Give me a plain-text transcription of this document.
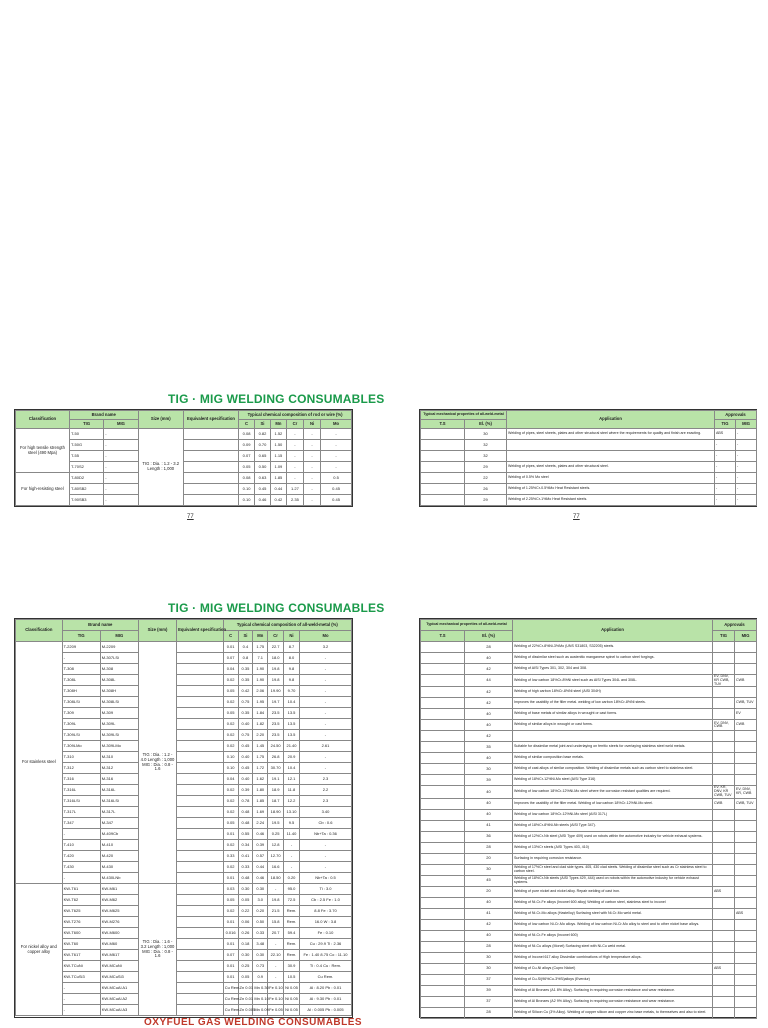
TIG · MIG WELDING CONSUMABLES
Classification	Brand name		Size (mm)	Equivalent specification	Typical chemical composition of rod or wire (%)					
	TIG	MIG			C	Si	Mn	Cr	Ni	Mo
For high tensile strength steel (490 Mpa)	T-50	-	TIG : Dia. : 1.2 - 3.2 Length : 1,000		0.08	0.82	1.52	-	-	-
	T-50G	-			0.09	0.70	1.50	-	-	-
	T-55	-			0.07	0.65	1.15	-	-	-
	T-70S2	-			0.05	0.50	1.09	-	-	-
For high-resisting steel	T-80D2	-			0.08	0.63	1.85	-	-	0.5
	T-80SB2	-			0.10	0.45	0.44	1.27	-	0.45
	T-90SB3	-			0.10	0.46	0.42	2.35	-	0.45
Typical mechanical properties of all-weld-metal		Application	Approvals	
T.S	El. (%)		TIG	MIG
	30	Welding of pipes, steel sheets, plates and other structural steel where the requirements for quality and finish are exacting.	ABS	-
	32		-	-
	32		-	-
	29	Welding of pipes, steel sheets, plates and other structural steel.	-	-
	22	Welding of 0.5% Mo steel	-	-
	26	Welding of 1.25%Cr-0.5%Mo Heat Resistant steels.	-	-
	29	Welding of 2.25%Cr-1%Mo Heat Resistant steels.	-	-
77	77
TIG · MIG WELDING CONSUMABLES
Classification	Brand name		Size (mm)	Equivalent specification	Typical chemical composition of all-weld-metal (%)					
	TIG	MIG			C	Si	Mn	Cr	Ni	Mo
For stainless steel	T-2209	M-2209	TIG : Dia. : 1.2 - 4.0 Length : 1,000 MIG : Dia. : 0.8 - 1.6		0.01	0.4	1.75	22.7	8.7	3.2
	-	M-307LSi			0.07	0.8	7.1	18.0	8.0	-
	T-308	M-308			0.04	0.35	1.90	19.8	9.8	-
	T-308L	M-308L			0.02	0.35	1.90	19.8	9.8	-
	T-308H	M-308H			0.05	0.42	2.06	19.90	9.70	-
	T-308LSi	M-308LSi			0.02	0.75	1.95	19.7	10.4	-
	T-309	M-309			0.05	0.35	1.84	23.5	13.5	-
	T-309L	M-309L			0.02	0.40	1.82	23.5	13.5	-
	T-309LSi	M-309LSi			0.02	0.75	2.20	23.5	13.5	-
	T-309LMo	M-309LMo			0.02	0.45	1.45	24.50	21.40	2.61
	T-310	M-310			0.10	0.40	1.75	26.8	20.9	-
	T-312	M-312			0.10	0.45	1.72	30.70	10.4	-
	T-316	M-316			0.04	0.40	1.62	19.1	12.1	2.3
	T-316L	M-316L			0.02	0.39	1.80	18.9	11.8	2.2
	T-316LSi	M-316LSi			0.02	0.78	1.85	18.7	12.2	2.3
	T-317L	M-317L			0.02	0.48	1.69	18.90	13.10	3.40
	T-347	M-347			0.05	0.48	2.24	19.5	9.5	Cb : 0.6
	-	M-409Cb			0.01	0.55	0.46	0.25	11.40	Nb+Ta : 0.36
	T-410	M-410			0.02	0.34	0.39	12.8	-	-
	T-420	M-420			0.33	0.41	0.57	12.70	-	-
	T-430	M-430			0.02	0.33	0.44	16.6	-	-
	-	M-430LNb			0.01	0.48	0.46	18.50	0.20	Nb+Ta : 0.5
For nickel alloy and copper alloy	KW-T61	KW-M61	TIG : Dia. : 1.6 - 3.2 Length : 1,000 MIG : Dia. : 0.8 - 1.6		0.03	0.30	0.30	-	95.0	Ti : 3.0
	KW-T62	KW-M62			0.05	0.05	3.0	19.8	72.5	Cb : 2.5 Fe : 1.0
	KW-T625	KW-M625			0.02	0.22	0.20	21.5	Rem.	8.8 Fe : 3.70
	KW-T276	KW-M276			0.01	0.06	0.50	15.8	Rem.	16.0 W : 3.8
	KW-T600	KW-M600			0.016	0.26	0.33	20.7	59.4	Fe : 0.10
	KW-T60	KW-M60			0.01	0.18	3.48	-	Rem.	Cu : 29.9 Ti : 2.36
	KW-T617	KW-M617			0.07	0.30	0.30	22.10	Rem.	Fe : 1.40 8.75 Co : 11.10
	KW-TCuNi	KW-MCuNi			0.01	0.25	0.73	-	30.9	Ti : 0.4 Cu : Rem.
	KW-TCuSi3	KW-MCuSi3			0.01	0.05	0.9	-	10.5	Cu Rem.
	-	KW-MCuAl A1			Cu Rem.	Zn 0.01	Mn 0.30	Fe 0.10	Ni 0.05	Al : 8.20 Pb : 0.01
	-	KW-MCuAl A2			Cu Rem.	Zn 0.01	Mn 0.10	Fe 0.10	Ni 0.05	Al : 9.30 Pb : 0.01
	-	KW-MCuAl A3			Cu Rem.	Zn 0.005	Mn 0.09	Fe 0.05	Ni 0.05	Al : 0.005 Pb : 0.005
Typical mechanical properties of all-weld-metal		Application	Approvals	
T.S	El. (%)		TIG	MIG
	28	Welding of 22%Cr-8%Ni-3%Mo (UNS S31803, S32205) steels.		
	40	Welding of dissimilar steel such as austenitic manganese spinel to carbon steel forgings.		
	42	Welding of AISI Types 301, 302, 304 and 308.		
	44	Welding of low carbon 18%Cr-8%Ni steel such as AISI Types 304L and 308L.	EV, DNV, KR CWB, TUV	CWB
	42	Welding of high carbon 18%Cr-8%Ni steel (AISI 304H)		
	42	Improves the usability of the filler metal. welding of low carbon 18%Cr-8%Ni steels.		CWB, TUV
	40	Welding of base metals of similar alloys in wrought or cast forms.		EV
	40	Welding of similar alloys in wrought or cast forms.	EV, DNV, CWB	CWB
	42			
	35	Suitable for dissimilar metal joint and underlaying on ferritic steels for overlaying stainless steel weld metals.		
	40	Welding of similar composition base metals.		
	30	Welding of cast alloys of similar composition. Welding of dissimilar metals such as carbon steel to stainless steel.		
	39	Welding of 18%Cr-12%Ni-Mo steel (AISI Type 316)		
	40	Welding of low carbon 18%Cr-12%Ni-Mo steel where the corrosion resistant qualities are required.	EV, KR, DNV, KR CWB, TUV	EV, DNV, KR, CWB
	40	Improves the usability of the filler metal. Welding of low carbon 18%Cr-12%Ni-Mo steel.	CWB	CWB, TUV
	40	Welding of low carbon 18%Cr-12%Ni-Mo steel (AISI 317L)		
	41	Welding of 18%Cr-8%Ni-Nb steels (AISI Type 347).		
	36	Welding of 12%Cr-Nb steel (AISI Type 409) used on robots within the automotive industry for vehicle exhaust systems.		
	28	Welding of 13%Cr steels (AISI Types 403, 410)		
	20	Surfacing in requiring corrosion resistance.		
	30	Welding of 17%Cr steel and clad side types. 405, 430 clad steels. Welding of dissimilar steel such as Cr stainless steel to carbon steel.		
	45	Welding of 18%Cr-Nb steels (AISI Types 429, 444) used on robots within the automotive industry for vehicle exhaust systems.		
	20	Welding of pure nickel and nickel alloy. Repair welding of cast iron.	ABS	
	40	Welding of Ni-Cr-Fe alloys (Inconel 600 alloy) Welding of carbon steel, stainless steel to inconel		
	41	Welding of Ni-Cr-Mo alloys (Hastelloy) Surfacing steel with Ni-Cr-Mo weld metal.		ABS
	42	Welding of low carbon Ni-Cr-Mo alloys. Welding of low carbon Ni-Cr-Mo alloy to steel and to other nickel base alloys.		
	40	Welding of Ni-Cr-Fe alloys (Inconel 600)		
	28	Welding of Ni-Cu alloys (Monel) Surfacing steel with Ni-Cu weld metal.		
	30	Welding of Inconel 617 alloy Dissimilar combinations of High temperature alloys.		
	30	Welding of Cu-Ni alloys (Cupro Nickel)	ABS	
	37	Welding of Cu-Si(96%Cu-3%Si)alloys (Everdur)		
	39	Welding of Al Bronzes (A1 8% Alloy). Surfacing in requiring corrosion resistance and wear resistance.		
	37	Welding of Al Bronzes (A2 9% Alloy). Surfacing in requiring corrosion resistance and wear resistance.		
	28	Welding of Silicon Cu (3% Alloy). Welding of copper silicon and copper zinc base metals, to themselves and also to steel.		
OXYFUEL GAS WELDING CONSUMABLES
